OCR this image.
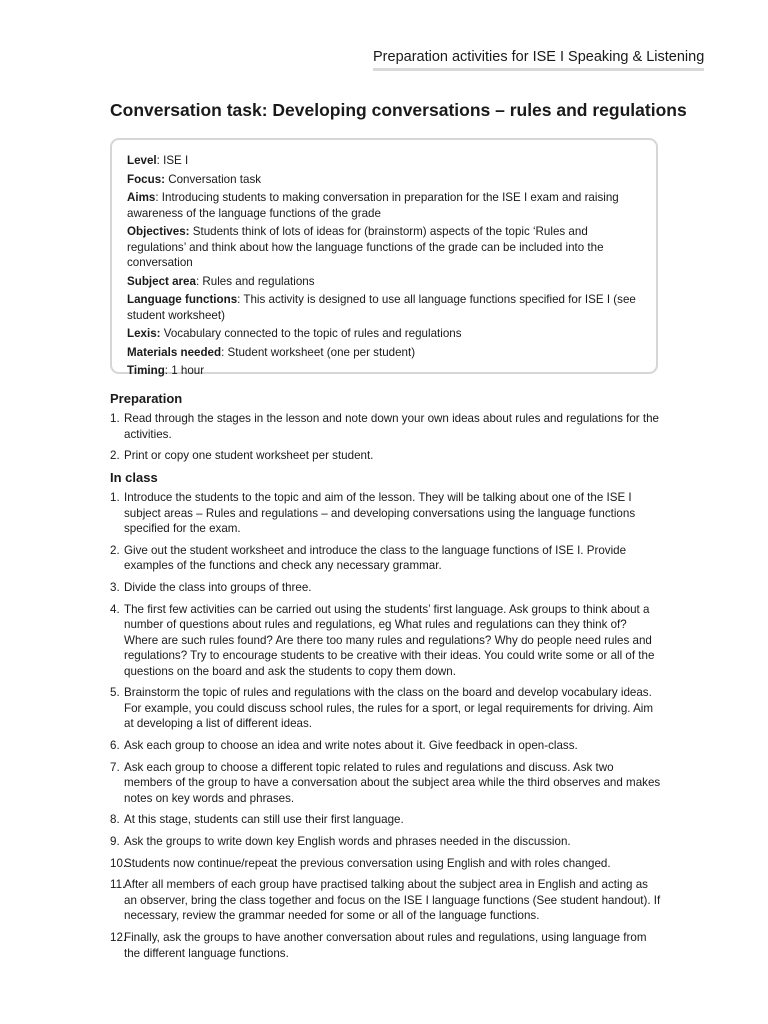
Preparation activities for ISE I Speaking & Listening
Conversation task: Developing conversations – rules and regulations

Level: ISE I

Focus: Conversation task

Aims: Introducing students to making conversation in preparation for the ISE I exam and raising awareness of the language functions of the grade

Objectives: Students think of lots of ideas for (brainstorm) aspects of the topic ‘Rules and regulations’ and think about how the language functions of the grade can be included into the conversation

Subject area: Rules and regulations

Language functions: This activity is designed to use all language functions specified for ISE I (see student worksheet)

Lexis: Vocabulary connected to the topic of rules and regulations

Materials needed: Student worksheet (one per student)

Timing: 1 hour

Preparation
1. Read through the stages in the lesson and note down your own ideas about rules and regulations for the activities.
2. Print or copy one student worksheet per student.
In class
1. Introduce the students to the topic and aim of the lesson. They will be talking about one of the ISE I subject areas – Rules and regulations – and developing conversations using the language functions specified for the exam.
2. Give out the student worksheet and introduce the class to the language functions of ISE I. Provide examples of the functions and check any necessary grammar.
3. Divide the class into groups of three.
4. The first few activities can be carried out using the students’ first language. Ask groups to think about a number of questions about rules and regulations, eg What rules and regulations can they think of? Where are such rules found? Are there too many rules and regulations? Why do people need rules and regulations? Try to encourage students to be creative with their ideas. You could write some or all of the questions on the board and ask the students to copy them down.
5. Brainstorm the topic of rules and regulations with the class on the board and develop vocabulary ideas. For example, you could discuss school rules, the rules for a sport, or legal requirements for driving. Aim at developing a list of different ideas.
6. Ask each group to choose an idea and write notes about it. Give feedback in open-class.
7. Ask each group to choose a different topic related to rules and regulations and discuss. Ask two members of the group to have a conversation about the subject area while the third observes and makes notes on key words and phrases.
8. At this stage, students can still use their first language.
9. Ask the groups to write down key English words and phrases needed in the discussion.
10.
Students now continue/repeat the previous conversation using English and with roles changed.
11.
After all members of each group have practised talking about the subject area in English and acting as an observer, bring the class together and focus on the ISE I language functions (See student handout). If necessary, review the grammar needed for some or all of the language functions.
12.
Finally, ask the groups to have another conversation about rules and regulations, using language from the different language functions.
